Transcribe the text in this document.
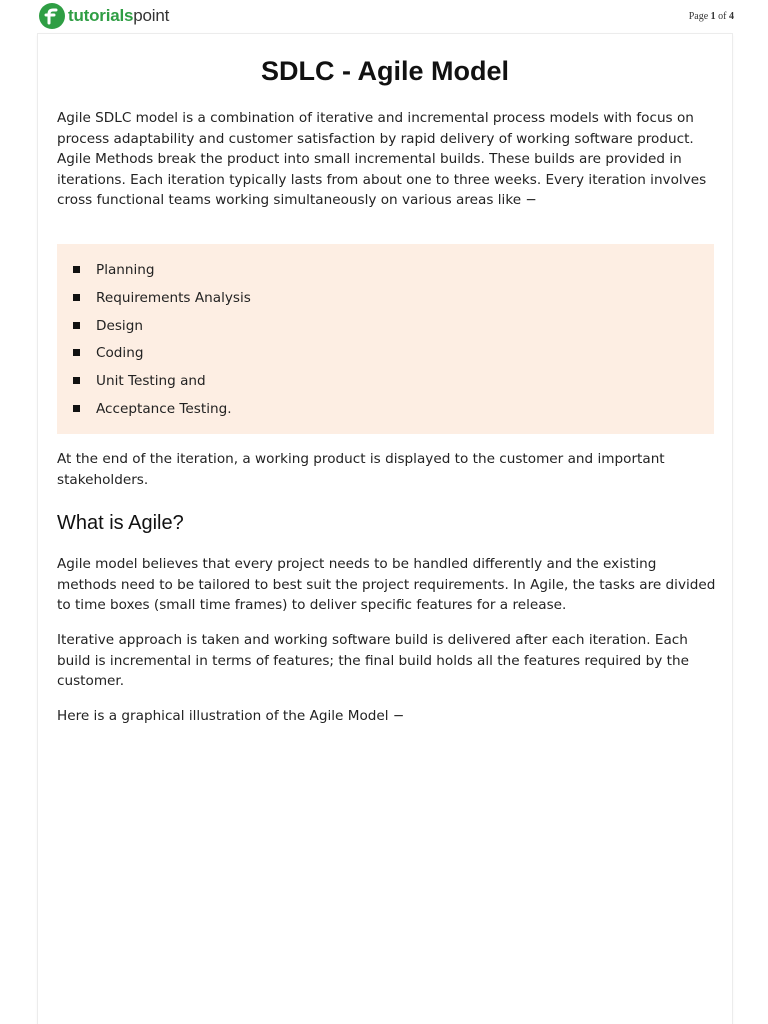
tutorialspoint	Page 1 of 4
SDLC - Agile Model

Agile SDLC model is a combination of iterative and incremental process models with focus on process adaptability and customer satisfaction by rapid delivery of working software product. Agile Methods break the product into small incremental builds. These builds are provided in iterations. Each iteration typically lasts from about one to three weeks. Every iteration involves cross functional teams working simultaneously on various areas like −

Planning
Requirements Analysis
Design
Coding
Unit Testing and
Acceptance Testing.

At the end of the iteration, a working product is displayed to the customer and important stakeholders.

What is Agile?

Agile model believes that every project needs to be handled differently and the existing methods need to be tailored to best suit the project requirements. In Agile, the tasks are divided to time boxes (small time frames) to deliver specific features for a release.

Iterative approach is taken and working software build is delivered after each iteration. Each build is incremental in terms of features; the final build holds all the features required by the customer.

Here is a graphical illustration of the Agile Model −
